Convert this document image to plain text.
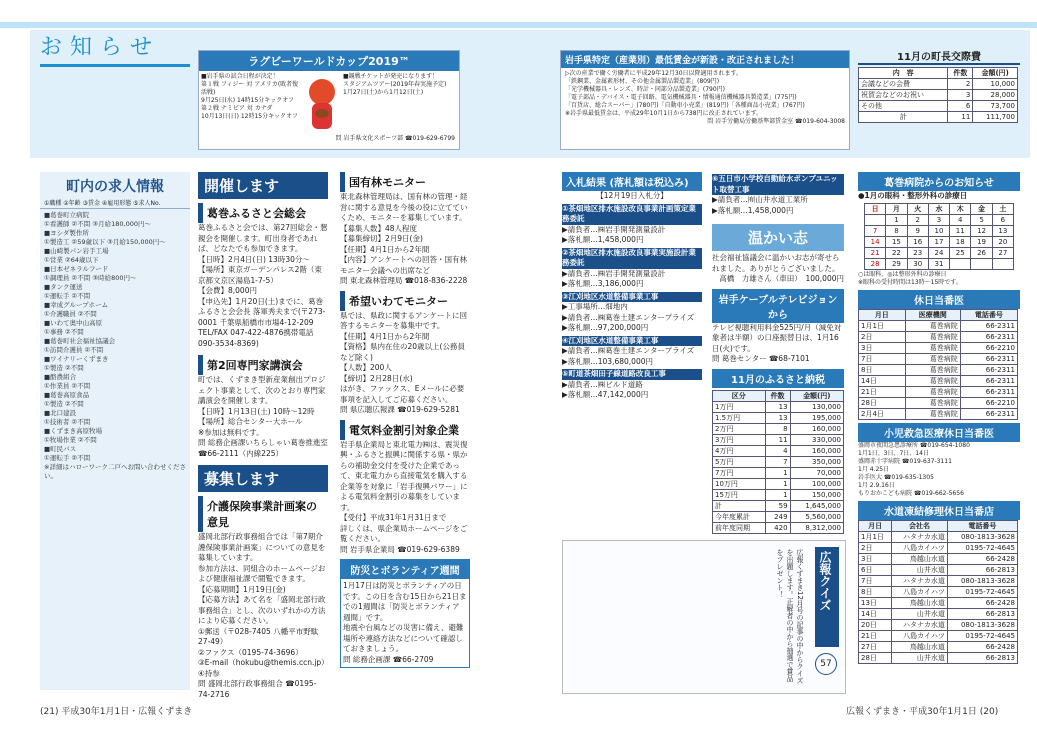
お 知 ら せ
ラグビーワールドカップ2019™
■岩手県の試合日程が決定！
第１戦 フィジー 対 アメリカ(敗者復活戦)
9月25日(水) 14時15分キックオフ
第２戦 ナミビア 対 カナダ
10月13日(日) 12時15分キックオフ
■観戦チケットが発売になります！
スタジアムツアー(2019年春実施予定)
1月27日(土)から1月12日(土)
問 岩手県文化スポーツ部 ☎019-629-6799
岩手県特定（産業別）最低賃金が新設・改正されました！
▷次の産業で働く労働者に平成29年12月30日以降適用されます。
「鉄鋼業、金属素形材、その他金属製品製造業」(809円)
「光学機械器具・レンズ、時計・同部分品製造業」(790円)
「電子部品・デバイス・電子回路、電気機械器具・情報通信機械器具製造業」(775円)
「百貨店、総合スーパー」(780円)「自動車小売業」(819円)「各種商品小売業」(767円)
※岩手県最低賃金は、平成29年10月1日から738円に改正されています。
問 岩手労働局労働基準部賃金室 ☎019-604-3008
11月の町長交際費
内　容	件数	金額(円)
会議などの会費	2	10,000
祝賀会などのお祝い	3	28,000
その他	6	73,700
計	11	111,700
町内の求人情報
①職種 ②年齢 ③賃金 ④雇用形態 ⑤求人No.
■葛巻町立病院
①看護師 ②不問 ③月給180,000円〜
■ヨシダ製作所
①製造工 ②59歳以下 ③月給150,000円〜
■山崎製パン岩手工場
①営業 ②64歳以下
■日本ゼネラルフード
①調理員 ②不問 ③時給800円〜
■タンク運送
①運転手 ②不問
■幸成グループホーム
①介護職員 ②不問
■いわて奥中山高原
①事務 ②不問
■葛巻町社会福祉協議会
①訪問介護員 ②不問
■ワイナリーくずまき
①製造 ②不問
■酪農組合
①作業員 ②不問
■葛巻高原食品
①製造 ②不問
■北口建設
①技術者 ②不問
■くずまき高原牧場
①牧場作業 ②不問
■町民バス
①運転手 ②不問
※詳細はハローワーク二戸へお問い合わせください。
開催します
葛巻ふるさと会総会
葛巻ふるさと会では、第27回総会・懇親会を開催します。町出身者であれば、どなたでも参加できます。
【日時】2月4日(日) 13時30分〜
【場所】東京ガーデンパレス2階（東京都文京区湯島1-7-5）
【会費】8,000円
【申込先】1月20日(土)までに、葛巻ふるさと会会長 落軍秀夫まで(〒273-0001 千葉県船橋市市場4-12-209 TEL/FAX 047-422-4876携帯電話 090-3534-8369)
第2回専門家講演会
町では、くずまき型新産業創出プロジェクト事業として、次のとおり専門家講演会を開催します。
【日時】1月13日(土) 10時〜12時
【場所】総合センター大ホール
※参加は無料です。
問 総務企画課いちらしゃい葛巻推進室 ☎66-2111（内線225）
募集します
介護保険事業計画案の意見
盛岡北部行政事務組合では「第7期介護保険事業計画案」についての意見を募集しています。
参加方法は、同組合のホームページおよび健康福祉課で閲覧できます。
【応募期間】1月19日(金)
【応募方法】あて名を「盛岡北部行政事務組合」とし、次のいずれかの方法により応募ください。
①郵送（〒028-7405 八幡平市野駄27-49）
②ファクス（0195-74-3696）
③E-mail（hokubu@themis.ccn.jp）
④持参
問 盛岡北部行政事務組合 ☎0195-74-2716
国有林モニター
東北森林管理局は、国有林の管理・経営に関する意見を今後の役に立てていくため、モニターを募集しています。
【募集人数】48人程度
【募集締切】2月9日(金)
【任期】4月1日から2年間
【内容】アンケートへの回答・国有林モニター会議への出席など
問 東北森林管理局 ☎018-836-2228
希望いわてモニター
県では、県政に関するアンケートに回答するモニターを募集中です。
【任期】4月1日から2年間
【資格】県内在住の20歳以上(公務員など除く)
【人数】200人
【締切】2月28日(水)
はがき、ファックス、Eメールに必要事項を記入してご応募ください。
問 県広聴広報課 ☎019-629-5281
電気料金割引対象企業
岩手県企業局と東北電力㈱は、震災復興・ふるさと振興に関係する県・県からの補助金交付を受けた企業であって、東北電力から直接電気を購入する企業等を対象に「岩手復興パワー」による電気料金割引の募集をしています。
【受付】平成31年1月31日まで
詳しくは、県企業局ホームページをご覧ください。
問 岩手県企業局 ☎019-629-6389
防災とボランティア週間
1月17日は防災とボランティアの日です。この日を含む15日から21日までの1週間は「防災とボランティア週間」です。
地震や台風などの災害に備え、避難場所や連絡方法などについて確認しておきましょう。
問 総務企画課 ☎66-2709
入札結果 (落札額は税込み)
【12月19日入札分】
①茶畑地区排水施設改良事業計画策定業務委託
▶請負者…㈱岩手開発測量設計
▶落札額…1,458,000円
②茶畑地区排水施設改良事業実施設計業務委託
▶請負者…㈱岩手開発測量設計
▶落札額…3,186,000円
③江刈地区水道整備事業工事
▶工事場所…畑地内
▶請負者…㈱葛巻土建エンタープライズ
▶落札額…97,200,000円
④江刈地区水道整備事業工事
▶請負者…㈱葛巻土建エンタープライズ
▶落札額…103,680,000円
⑤町道茶畑田子線道路改良工事
▶請負者…㈱ビルド道路
▶落札額…47,142,000円
⑥五日市小学校自動給水ポンプユニット取替工事
▶請負者…㈲山井水道工業所
▶落札額…1,458,000円
温かい志
社会福祉協議会に温かいお志が寄せられました。ありがとうございました。
高橋　力雄さん（車田）　100,000円
岩手ケーブルテレビジョンから
テレビ視聴利用料金525円/月（減免対象者は半額）の口座振替日は、1月16日(火)です。
問 葛巻センター ☎68-7101
11月のふるさと納税
区分	件数	金額(円)
1万円	13	130,000
1.5万円	13	195,000
2万円	8	160,000
3万円	11	330,000
4万円	4	160,000
5万円	7	350,000
7万円	1	70,000
10万円	1	100,000
15万円	1	150,000
計	59	1,645,000
今年度累計	249	5,560,000
前年度同期	420	8,312,000
広報クイズ
57
広報くずまき12月号の記事の中からクイズを出題します。正解者の中から抽選で賞品をプレゼント！
葛巻病院からのお知らせ
●1月の眼科・整形外科の診療日
日	月	火	水	木	金	土
	1	2	3	4	5	6
7	8	9	10	11	12	13
14	15	16	17	18	19	20
21	22	23	24	25	26	27
28	29	30	31			
○は眼科、◎は整形外科の診療日
※眼科の受付時間は13時〜15時です。
休日当番医
月日	医療機関	電話番号
1月1日	葛巻病院	66-2311
2日	葛巻病院	66-2311
3日	葛巻病院	66-2210
7日	葛巻病院	66-2311
8日	葛巻病院	66-2311
14日	葛巻病院	66-2311
21日	葛巻病院	66-2311
28日	葛巻病院	66-2210
2月4日	葛巻病院	66-2311
小児救急医療休日当番医
盛岡市夜間急患診療所 ☎019-654-1080
1月1日、3日、7日、14日
盛岡赤十字病院 ☎019-637-3111
1月 4.25日
岩手医大 ☎019-635-1305
1月 2.9.16日
もりおかこども病院 ☎019-662-5656
水道凍結修理休日当番店
月日	会社名	電話番号
1月1日	ハタナカ水道	080-1813-3628
2日	八島カイハツ	0195-72-4645
3日	鳥越山水道	66-2428
6日	山井水道	66-2813
7日	ハタナカ水道	080-1813-3628
8日	八島カイハツ	0195-72-4645
13日	鳥越山水道	66-2428
14日	山井水道	66-2813
20日	ハタナカ水道	080-1813-3628
21日	八島カイハツ	0195-72-4645
27日	鳥越山水道	66-2428
28日	山井水道	66-2813
(21) 平成30年1月1日・広報くずまき	広報くずまき・平成30年1月1日 (20)
